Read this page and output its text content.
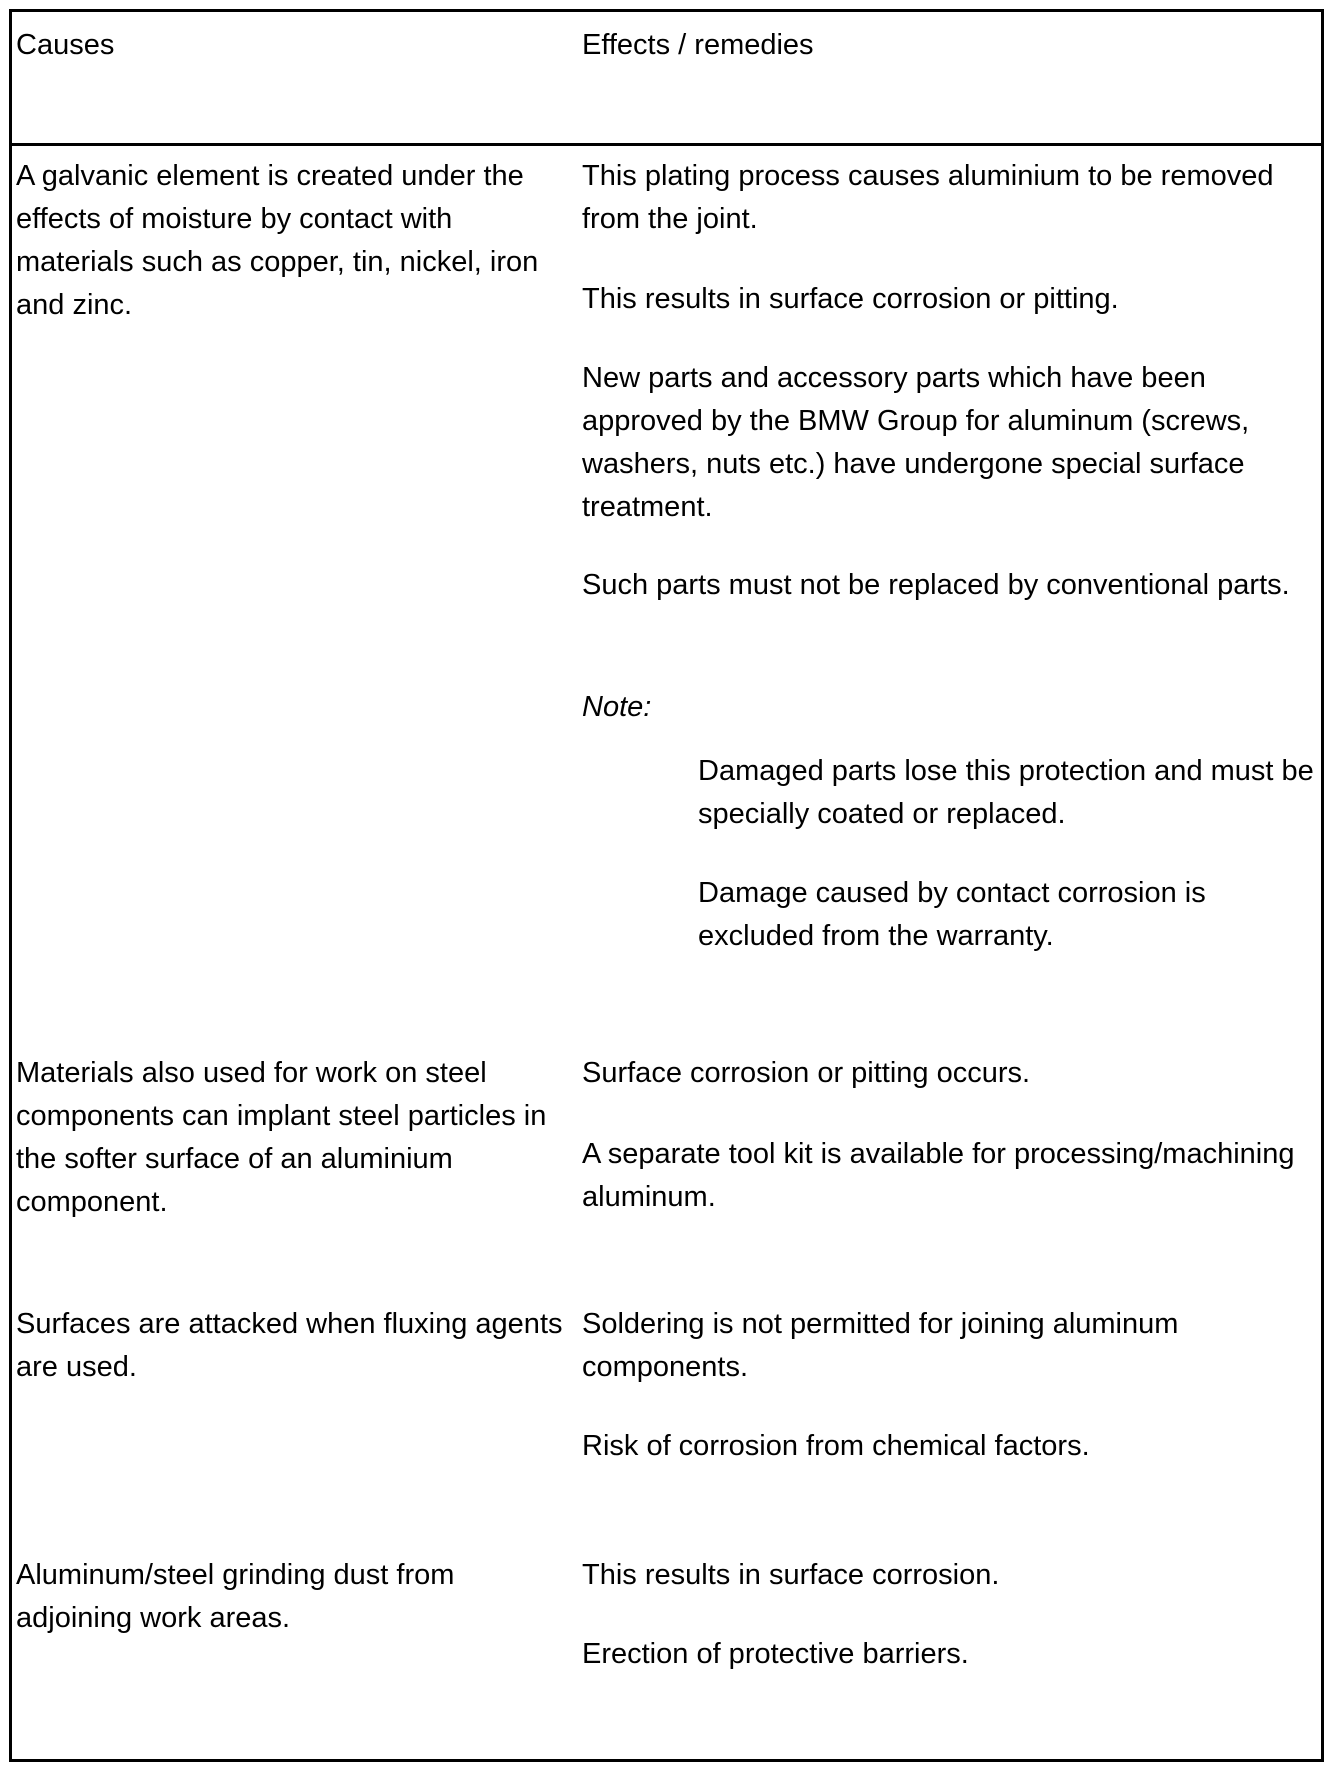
Causes	Effects / remedies
A galvanic element is created under the effects of moisture by contact with materials such as copper, tin, nickel, iron and zinc.
This plating process causes aluminium to be removed from the joint.
This results in surface corrosion or pitting.
New parts and accessory parts which have been approved by the BMW Group for aluminum (screws, washers, nuts etc.) have undergone special surface treatment.
Such parts must not be replaced by conventional parts.
Note:
Damaged parts lose this protection and must be specially coated or replaced.
Damage caused by contact corrosion is excluded from the warranty.
Materials also used for work on steel components can implant steel particles in the softer surface of an aluminium component.
Surface corrosion or pitting occurs.
A separate tool kit is available for processing/machining aluminum.
Surfaces are attacked when fluxing agents are used.
Soldering is not permitted for joining aluminum components.
Risk of corrosion from chemical factors.
Aluminum/steel grinding dust from adjoining work areas.
This results in surface corrosion.
Erection of protective barriers.
